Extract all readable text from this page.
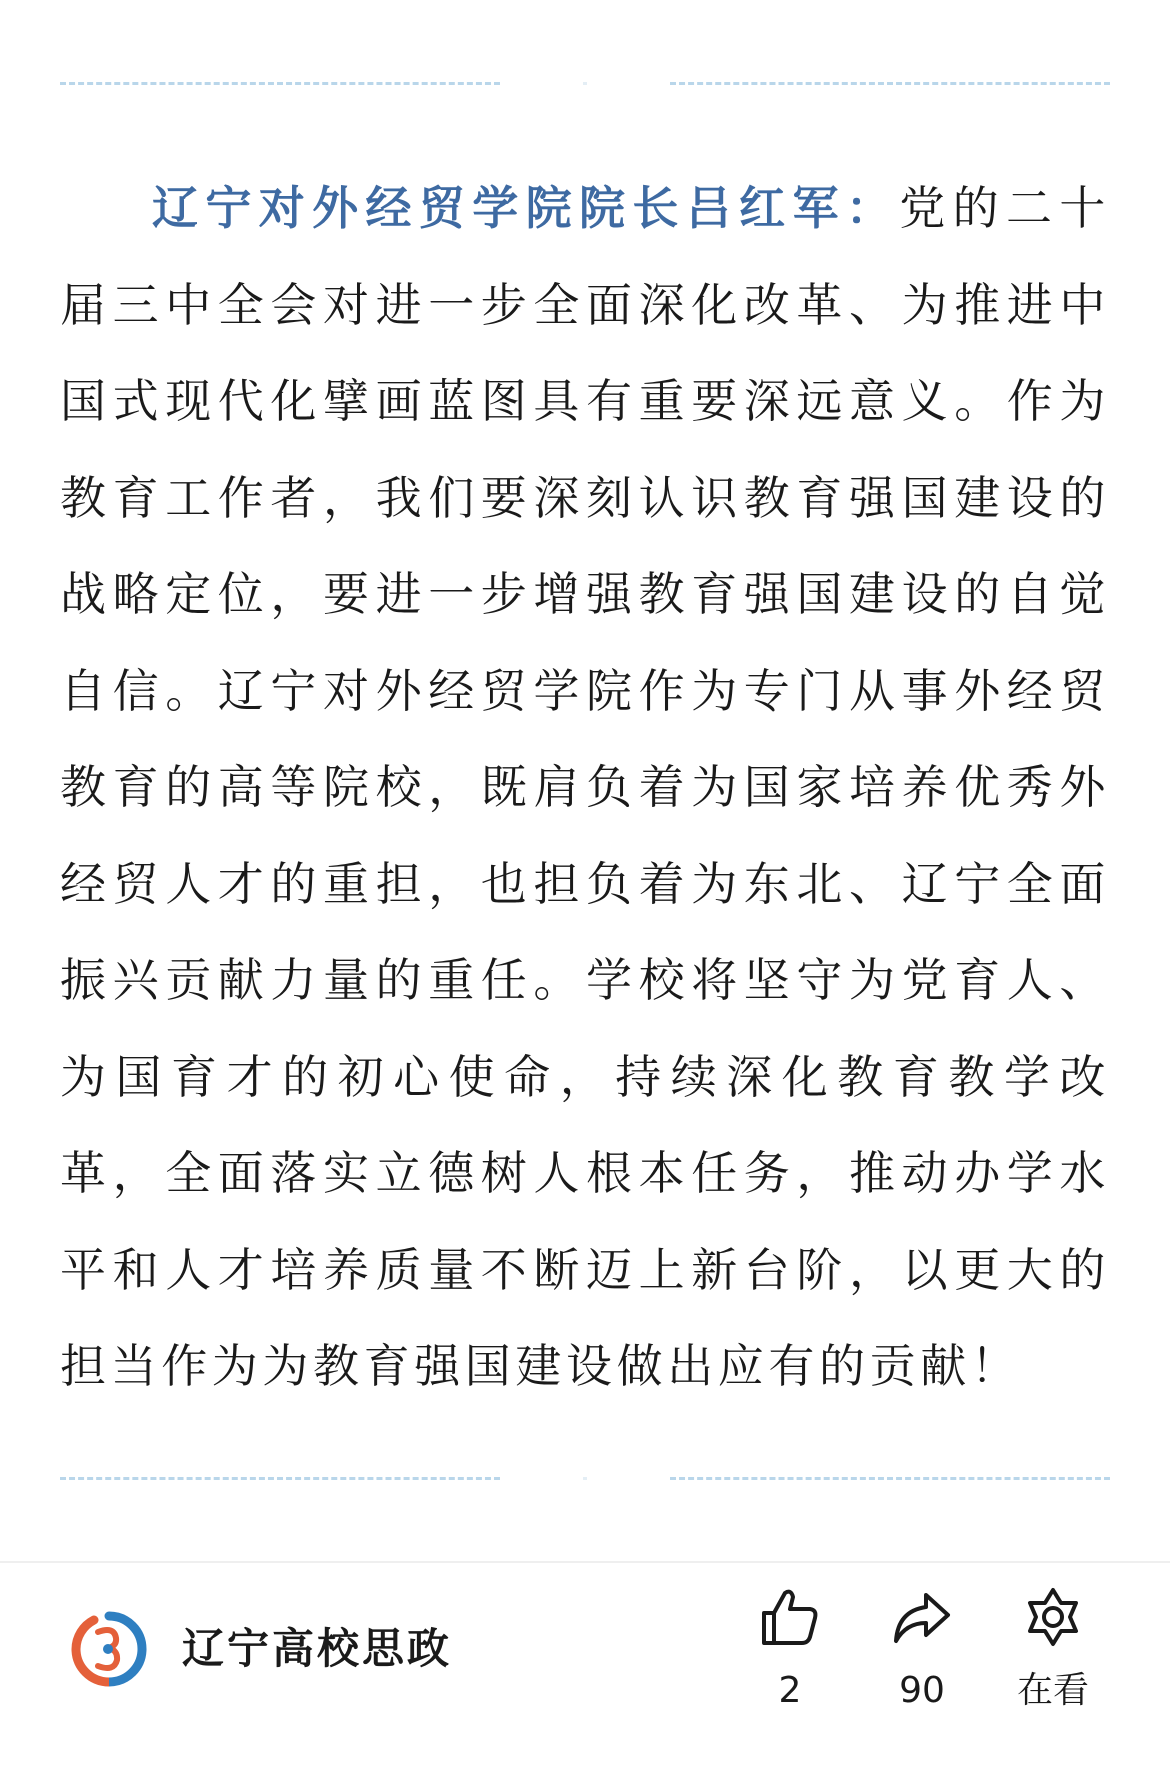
辽宁对外经贸学院院长吕红军：党的二十届三中全会对进一步全面深化改革、为推进中国式现代化擘画蓝图具有重要深远意义。作为教育工作者，我们要深刻认识教育强国建设的战略定位，要进一步增强教育强国建设的自觉自信。辽宁对外经贸学院作为专门从事外经贸教育的高等院校，既肩负着为国家培养优秀外经贸人才的重担，也担负着为东北、辽宁全面振兴贡献力量的重任。学校将坚守为党育人、为国育才的初心使命，持续深化教育教学改革，全面落实立德树人根本任务，推动办学水平和人才培养质量不断迈上新台阶，以更大的担当作为为教育强国建设做出应有的贡献！

辽宁高校思政
2	90	在看
